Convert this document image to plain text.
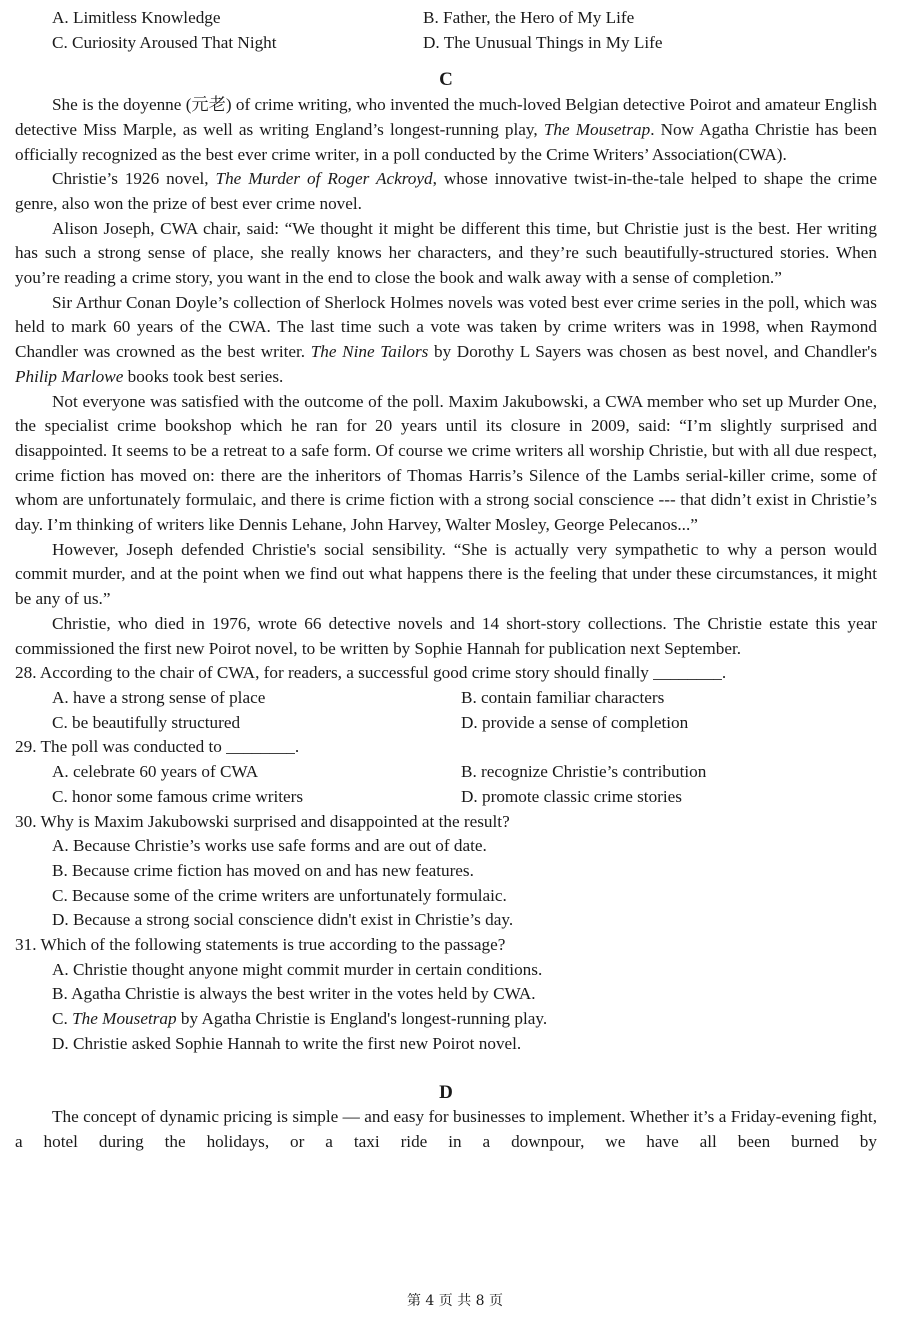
A. Limitless Knowledge	B. Father, the Hero of My Life
C. Curiosity Aroused That Night	D. The Unusual Things in My Life
C

She is the doyenne (元老) of crime writing, who invented the much-loved Belgian detective Poirot and amateur English detective Miss Marple, as well as writing England’s longest-running play, The Mousetrap. Now Agatha Christie has been officially recognized as the best ever crime writer, in a poll conducted by the Crime Writers’ Association(CWA).

Christie’s 1926 novel, The Murder of Roger Ackroyd, whose innovative twist-in-the-tale helped to shape the crime genre, also won the prize of best ever crime novel.

Alison Joseph, CWA chair, said: “We thought it might be different this time, but Christie just is the best. Her writing has such a strong sense of place, she really knows her characters, and they’re such beautifully-structured stories. When you’re reading a crime story, you want in the end to close the book and walk away with a sense of completion.”

Sir Arthur Conan Doyle’s collection of Sherlock Holmes novels was voted best ever crime series in the poll, which was held to mark 60 years of the CWA. The last time such a vote was taken by crime writers was in 1998, when Raymond Chandler was crowned as the best writer. The Nine Tailors by Dorothy L Sayers was chosen as best novel, and Chandler's Philip Marlowe books took best series.

Not everyone was satisfied with the outcome of the poll. Maxim Jakubowski, a CWA member who set up Murder One, the specialist crime bookshop which he ran for 20 years until its closure in 2009, said: “I’m slightly surprised and disappointed. It seems to be a retreat to a safe form. Of course we crime writers all worship Christie, but with all due respect, crime fiction has moved on: there are the inheritors of Thomas Harris’s Silence of the Lambs serial-killer crime, some of whom are unfortunately formulaic, and there is crime fiction with a strong social conscience --- that didn’t exist in Christie’s day. I’m thinking of writers like Dennis Lehane, John Harvey, Walter Mosley, George Pelecanos...”

However, Joseph defended Christie's social sensibility. “She is actually very sympathetic to why a person would commit murder, and at the point when we find out what happens there is the feeling that under these circumstances, it might be any of us.”

Christie, who died in 1976, wrote 66 detective novels and 14 short-story collections. The Christie estate this year commissioned the first new Poirot novel, to be written by Sophie Hannah for publication next September.

28. According to the chair of CWA, for readers, a successful good crime story should finally ________.

A. have a strong sense of place	B. contain familiar characters
C. be beautifully structured	D. provide a sense of completion

29. The poll was conducted to ________.

A. celebrate 60 years of CWA	B. recognize Christie’s contribution
C. honor some famous crime writers	D. promote classic crime stories

30. Why is Maxim Jakubowski surprised and disappointed at the result?

A. Because Christie’s works use safe forms and are out of date.
B. Because crime fiction has moved on and has new features.
C. Because some of the crime writers are unfortunately formulaic.
D. Because a strong social conscience didn't exist in Christie’s day.

31. Which of the following statements is true according to the passage?

A. Christie thought anyone might commit murder in certain conditions.
B. Agatha Christie is always the best writer in the votes held by CWA.
C. The Mousetrap by Agatha Christie is England's longest-running play.
D. Christie asked Sophie Hannah to write the first new Poirot novel.
D

The concept of dynamic pricing is simple — and easy for businesses to implement. Whether it’s a Friday-evening fight, a hotel during the holidays, or a taxi ride in a downpour, we have all been burned by

第 4 页 共 8 页
